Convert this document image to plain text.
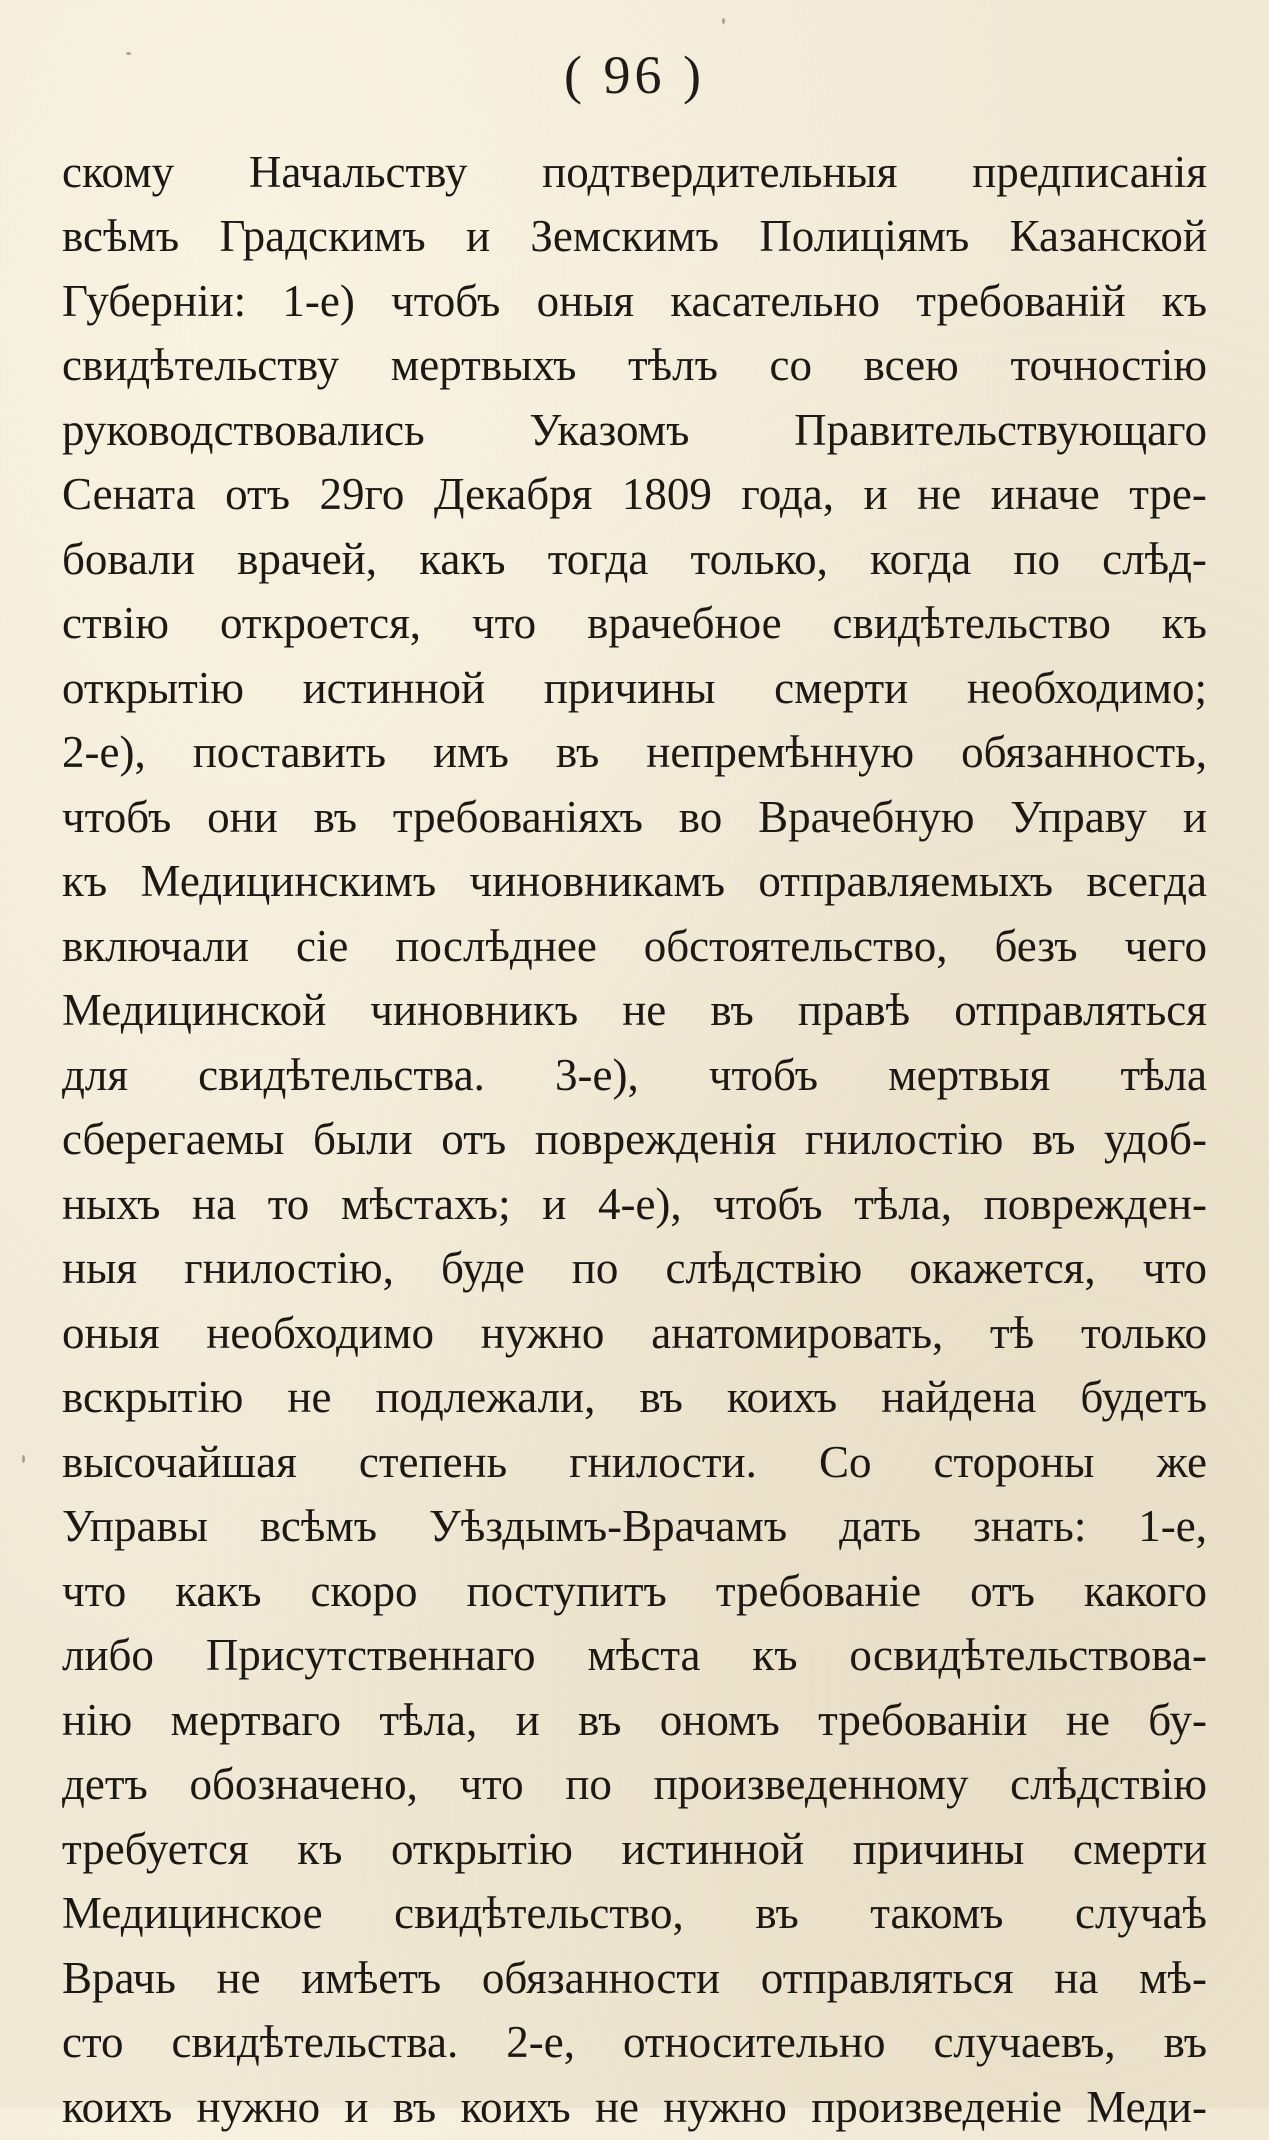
( 96 )
скому Начальству подтвердительныя предписанія
всѣмъ Градскимъ и Земскимъ Полиціямъ Казанской
Губерніи: 1-е) чтобъ оныя касательно требованій къ
свидѣтельству мертвыхъ тѣлъ со всею точностію
руководствовались Указомъ Правительствующаго
Сената отъ 29го Декабря 1809 года, и не иначе тре-
бовали врачей, какъ тогда только, когда по слѣд-
ствію откроется, что врачебное свидѣтельство къ
открытію истинной причины смерти необходимо;
2-е), поставить имъ въ непремѣнную обязанность,
чтобъ они въ требованіяхъ во Врачебную Управу и
къ Медицинскимъ чиновникамъ отправляемыхъ всегда
включали сіе послѣднее обстоятельство, безъ чего
Медицинской чиновникъ не въ правѣ отправляться
для свидѣтельства. 3-е), чтобъ мертвыя тѣла
сберегаемы были отъ поврежденія гнилостію въ удоб-
ныхъ на то мѣстахъ; и 4-е), чтобъ тѣла, поврежден-
ныя гнилостію, буде по слѣдствію окажется, что
оныя необходимо нужно анатомировать, тѣ только
вскрытію не подлежали, въ коихъ найдена будетъ
высочайшая степень гнилости. Со стороны же
Управы всѣмъ Уѣздымъ-Врачамъ дать знать: 1-е,
что какъ скоро поступитъ требованіе отъ какого
либо Присутственнаго мѣста къ освидѣтельствова-
нію мертваго тѣла, и въ ономъ требованіи не бу-
детъ обозначено, что по произведенному слѣдствію
требуется къ открытію истинной причины смерти
Медицинское свидѣтельство, въ такомъ случаѣ
Врачь не имѣетъ обязанности отправляться на мѣ-
сто свидѣтельства. 2-е, относительно случаевъ, въ
коихъ нужно и въ коихъ не нужно произведеніе Меди-
